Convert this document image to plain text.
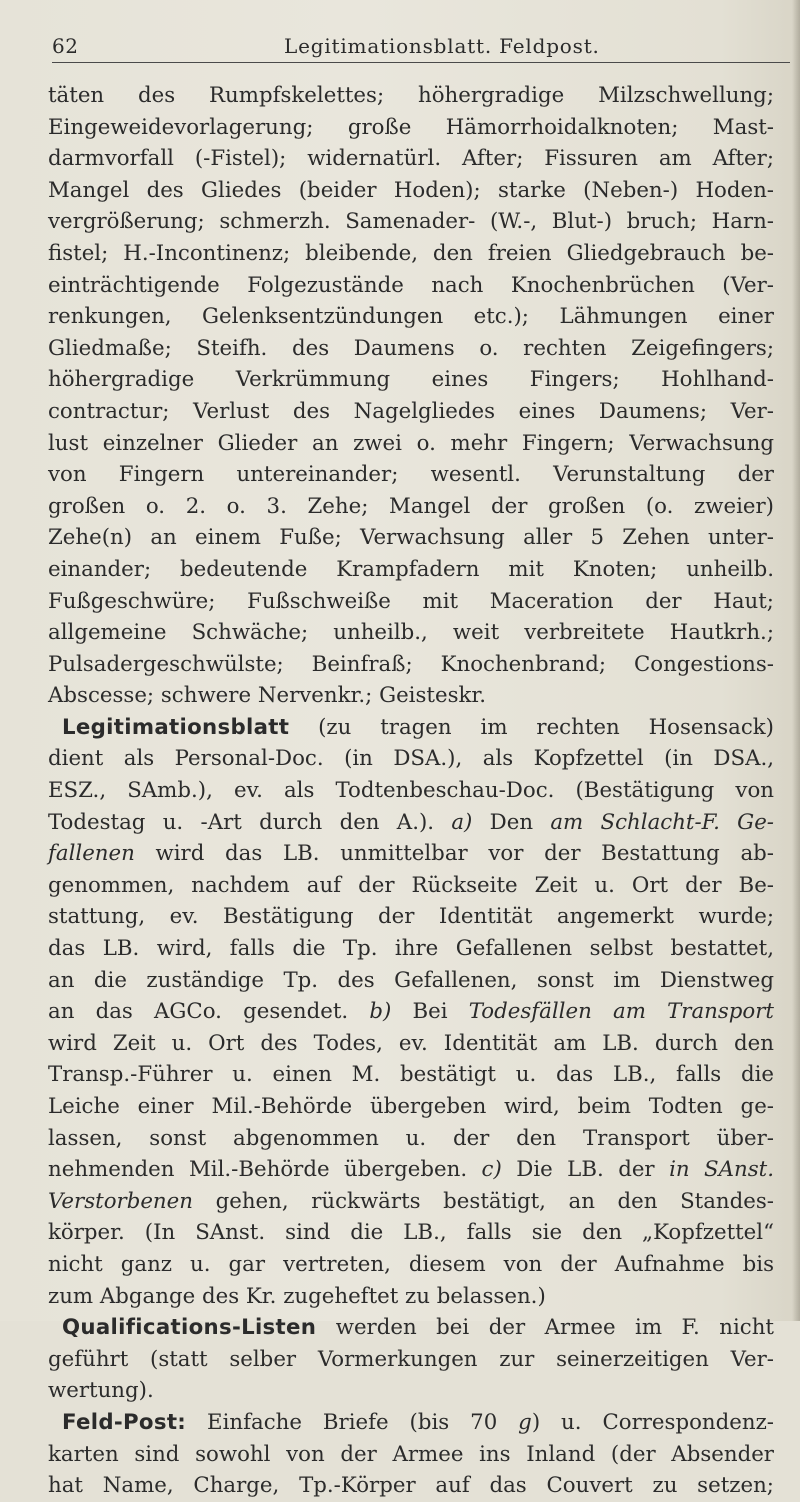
62	Legitimationsblatt. Feldpost.
täten des Rumpfskelettes; höhergradige Milzschwellung;
Eingeweidevorlagerung; große Hämorrhoidalknoten; Mast-
darmvorfall (-Fistel); widernatürl. After; Fissuren am After;
Mangel des Gliedes (beider Hoden); starke (Neben-) Hoden-
vergrößerung; schmerzh. Samenader- (W.-, Blut-) bruch; Harn-
fistel; H.-Incontinenz; bleibende, den freien Gliedgebrauch be-
einträchtigende Folgezustände nach Knochenbrüchen (Ver-
renkungen, Gelenksentzündungen etc.); Lähmungen einer
Gliedmaße; Steifh. des Daumens o. rechten Zeigefingers;
höhergradige Verkrümmung eines Fingers; Hohlhand-
contractur; Verlust des Nagelgliedes eines Daumens; Ver-
lust einzelner Glieder an zwei o. mehr Fingern; Verwachsung
von Fingern untereinander; wesentl. Verunstaltung der
großen o. 2. o. 3. Zehe; Mangel der großen (o. zweier)
Zehe(n) an einem Fuße; Verwachsung aller 5 Zehen unter-
einander; bedeutende Krampfadern mit Knoten; unheilb.
Fußgeschwüre; Fußschweiße mit Maceration der Haut;
allgemeine Schwäche; unheilb., weit verbreitete Hautkrh.;
Pulsadergeschwülste; Beinfraß; Knochenbrand; Congestions-
Abscesse; schwere Nervenkr.; Geisteskr.
Legitimationsblatt (zu tragen im rechten Hosensack)
dient als Personal-Doc. (in DSA.), als Kopfzettel (in DSA.,
ESZ., SAmb.), ev. als Todtenbeschau-Doc. (Bestätigung von
Todestag u. -Art durch den A.). a) Den am Schlacht-F. Ge-
fallenen wird das LB. unmittelbar vor der Bestattung ab-
genommen, nachdem auf der Rückseite Zeit u. Ort der Be-
stattung, ev. Bestätigung der Identität angemerkt wurde;
das LB. wird, falls die Tp. ihre Gefallenen selbst bestattet,
an die zuständige Tp. des Gefallenen, sonst im Dienstweg
an das AGCo. gesendet. b) Bei Todesfällen am Transport
wird Zeit u. Ort des Todes, ev. Identität am LB. durch den
Transp.-Führer u. einen M. bestätigt u. das LB., falls die
Leiche einer Mil.-Behörde übergeben wird, beim Todten ge-
lassen, sonst abgenommen u. der den Transport über-
nehmenden Mil.-Behörde übergeben. c) Die LB. der in SAnst.
Verstorbenen gehen, rückwärts bestätigt, an den Standes-
körper. (In SAnst. sind die LB., falls sie den „Kopfzettel“
nicht ganz u. gar vertreten, diesem von der Aufnahme bis
zum Abgange des Kr. zugeheftet zu belassen.)
Qualifications-Listen werden bei der Armee im F. nicht
geführt (statt selber Vormerkungen zur seinerzeitigen Ver-
wertung).
Feld-Post: Einfache Briefe (bis 70 g) u. Correspondenz-
karten sind sowohl von der Armee ins Inland (der Absender
hat Name, Charge, Tp.-Körper auf das Couvert zu setzen;
